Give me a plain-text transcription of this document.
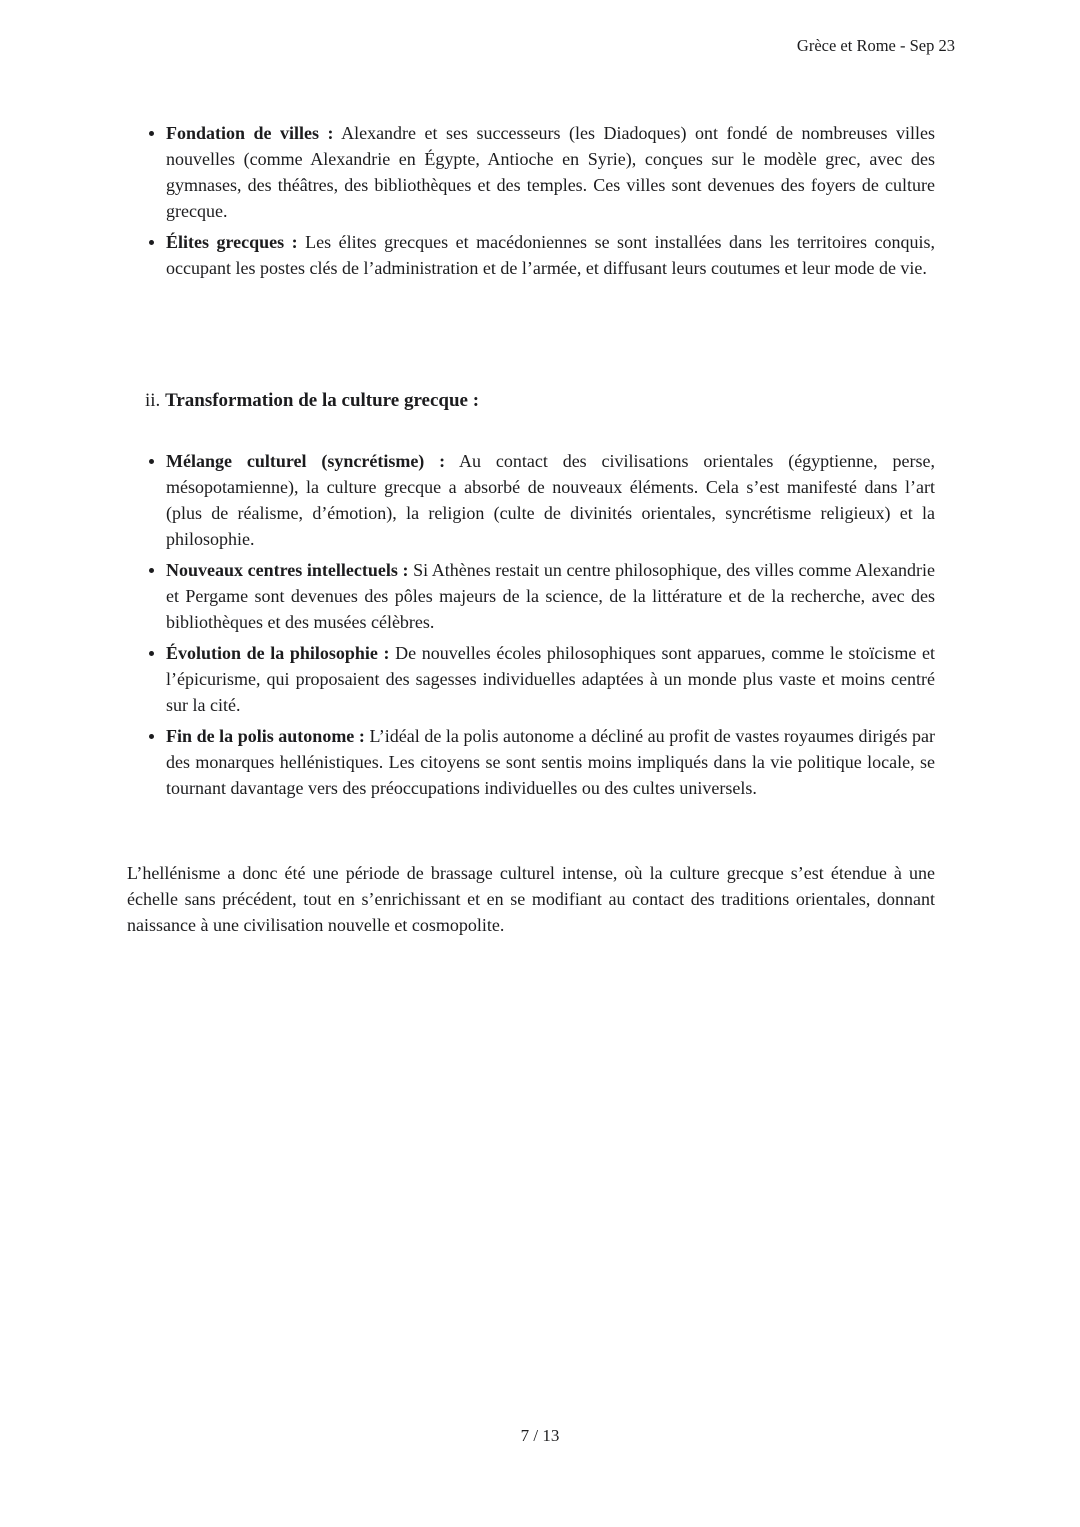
Grèce et Rome - Sep 23
Fondation de villes : Alexandre et ses successeurs (les Diadoques) ont fondé de nombreuses villes nouvelles (comme Alexandrie en Égypte, Antioche en Syrie), conçues sur le modèle grec, avec des gymnases, des théâtres, des bibliothèques et des temples. Ces villes sont devenues des foyers de culture grecque.
Élites grecques : Les élites grecques et macédoniennes se sont installées dans les territoires conquis, occupant les postes clés de l’administration et de l’armée, et diffusant leurs coutumes et leur mode de vie.
ii. Transformation de la culture grecque :
Mélange culturel (syncrétisme) : Au contact des civilisations orientales (égyptienne, perse, mésopotamienne), la culture grecque a absorbé de nouveaux éléments. Cela s’est manifesté dans l’art (plus de réalisme, d’émotion), la religion (culte de divinités orientales, syncrétisme religieux) et la philosophie.
Nouveaux centres intellectuels : Si Athènes restait un centre philosophique, des villes comme Alexandrie et Pergame sont devenues des pôles majeurs de la science, de la littérature et de la recherche, avec des bibliothèques et des musées célèbres.
Évolution de la philosophie : De nouvelles écoles philosophiques sont apparues, comme le stoïcisme et l’épicurisme, qui proposaient des sagesses individuelles adaptées à un monde plus vaste et moins centré sur la cité.
Fin de la polis autonome : L’idéal de la polis autonome a décliné au profit de vastes royaumes dirigés par des monarques hellénistiques. Les citoyens se sont sentis moins impliqués dans la vie politique locale, se tournant davantage vers des préoccupations individuelles ou des cultes universels.
L’hellénisme a donc été une période de brassage culturel intense, où la culture grecque s’est étendue à une échelle sans précédent, tout en s’enrichissant et en se modifiant au contact des traditions orientales, donnant naissance à une civilisation nouvelle et cosmopolite.
7 / 13
